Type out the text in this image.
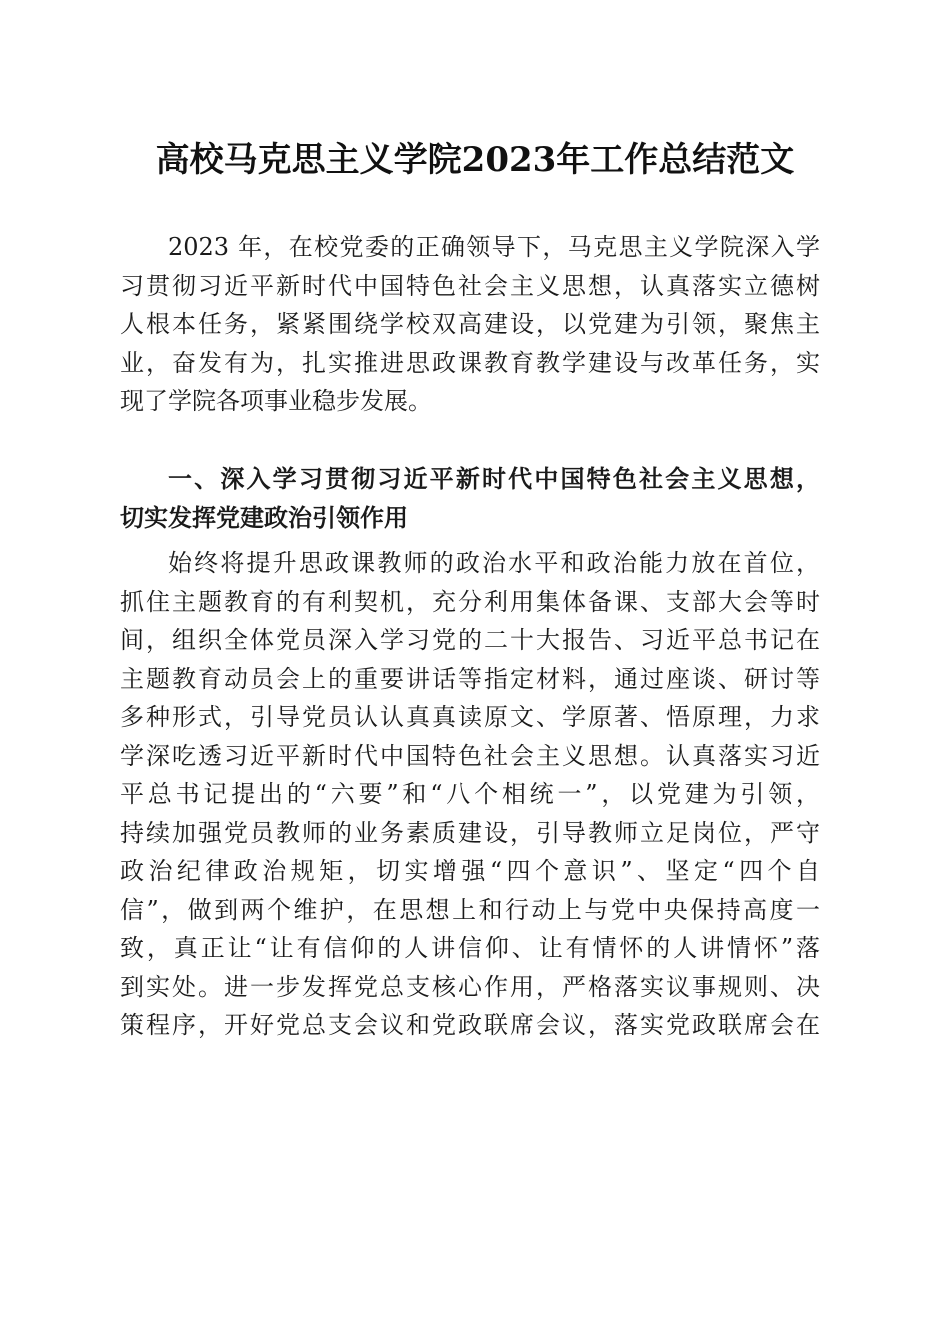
高校马克思主义学院2023年工作总结范文
2023 年，在校党委的正确领导下，马克思主义学院深入学
习贯彻习近平新时代中国特色社会主义思想，认真落实立德树
人根本任务，紧紧围绕学校双高建设，以党建为引领，聚焦主
业，奋发有为，扎实推进思政课教育教学建设与改革任务，实
现了学院各项事业稳步发展。
一、深入学习贯彻习近平新时代中国特色社会主义思想，
切实发挥党建政治引领作用
始终将提升思政课教师的政治水平和政治能力放在首位，
抓住主题教育的有利契机，充分利用集体备课、支部大会等时
间，组织全体党员深入学习党的二十大报告、习近平总书记在
主题教育动员会上的重要讲话等指定材料，通过座谈、研讨等
多种形式，引导党员认认真真读原文、学原著、悟原理，力求
学深吃透习近平新时代中国特色社会主义思想。认真落实习近
平总书记提出的“六要”和“八个相统一”，以党建为引领，
持续加强党员教师的业务素质建设，引导教师立足岗位，严守
政治纪律政治规矩，切实增强“四个意识”、坚定“四个自
信”，做到两个维护，在思想上和行动上与党中央保持高度一
致，真正让“让有信仰的人讲信仰、让有情怀的人讲情怀”落
到实处。进一步发挥党总支核心作用，严格落实议事规则、决
策程序，开好党总支会议和党政联席会议，落实党政联席会在
